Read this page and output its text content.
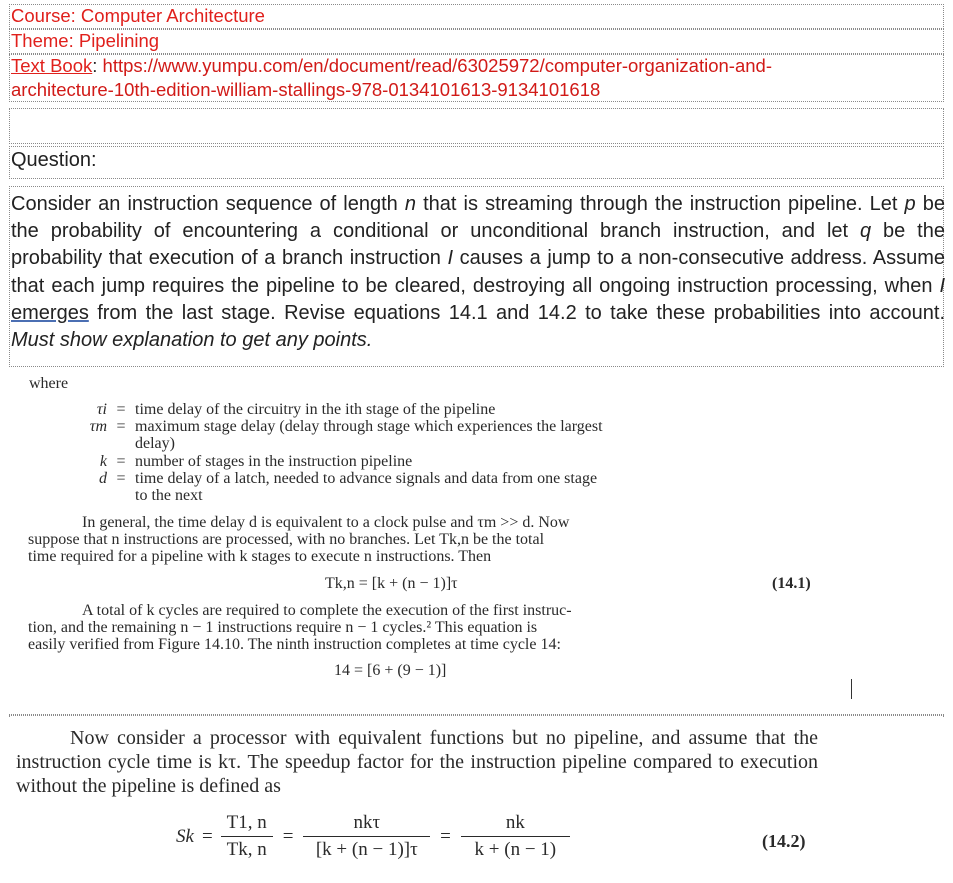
Course: Computer Architecture
Theme: Pipelining
Text Book: https://www.yumpu.com/en/document/read/63025972/computer-organization-and-
architecture-10th-edition-william-stallings-978-0134101613-9134101618
Question:
Consider an instruction sequence of length n that is streaming through the instruction pipeline. Let p be the probability of encountering a conditional or unconditional branch instruction, and let q be the probability that execution of a branch instruction I causes a jump to a non-consecutive address. Assume that each jump requires the pipeline to be cleared, destroying all ongoing instruction processing, when I emerges from the last stage. Revise equations 14.1 and 14.2 to take these probabilities into account. Must show explanation to get any points.
where
τi = time delay of the circuitry in the ith stage of the pipeline
τm = maximum stage delay (delay through stage which experiences the largest
delay)
k = number of stages in the instruction pipeline
d = time delay of a latch, needed to advance signals and data from one stage
to the next
In general, the time delay d is equivalent to a clock pulse and τm >> d. Now
suppose that n instructions are processed, with no branches. Let Tk,n be the total
time required for a pipeline with k stages to execute n instructions. Then
Tk,n = [k + (n − 1)]τ	(14.1)
A total of k cycles are required to complete the execution of the first instruc-
tion, and the remaining n − 1 instructions require n − 1 cycles.² This equation is
easily verified from Figure 14.10. The ninth instruction completes at time cycle 14:
14 = [6 + (9 − 1)]
Now consider a processor with equivalent functions but no pipeline, and assume that the instruction cycle time is kτ. The speedup factor for the instruction pipeline compared to execution without the pipeline is defined as
$Sk = \frac{T1, n}{Tk, n} = \frac{\text{nkτ}}{[k + (n - 1)]\tau} = \frac{nk}{k + (n - 1)}$	(14.2)
